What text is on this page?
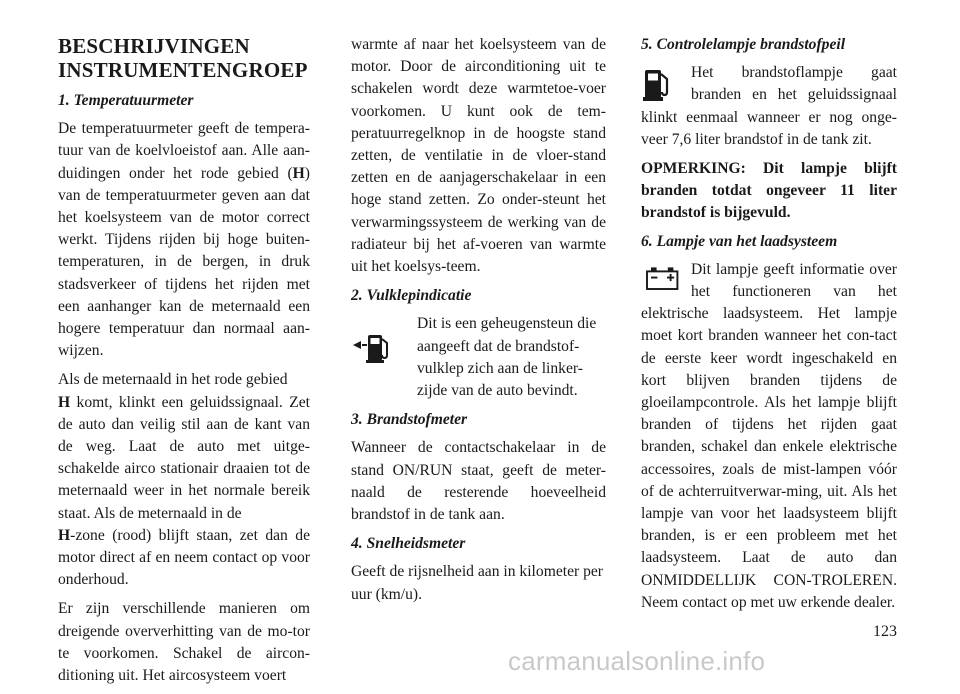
BESCHRIJVINGEN INSTRUMENTENGROEP
1. Temperatuurmeter

De temperatuurmeter geeft de tempera-tuur van de koelvloeistof aan. Alle aan-duidingen onder het rode gebied (H) van de temperatuurmeter geven aan dat het koelsysteem van de motor correct werkt. Tijdens rijden bij hoge buiten-temperaturen, in de bergen, in druk stadsverkeer of tijdens het rijden met een aanhanger kan de meternaald een hogere temperatuur dan normaal aan-wijzen.

Als de meternaald in het rode gebied
H komt, klinkt een geluidssignaal. Zet de auto dan veilig stil aan de kant van de weg. Laat de auto met uitge-schakelde airco stationair draaien tot de meternaald weer in het normale bereik staat. Als de meternaald in de
H-zone (rood) blijft staan, zet dan de motor direct af en neem contact op voor onderhoud.

Er zijn verschillende manieren om dreigende oververhitting van de mo-tor te voorkomen. Schakel de aircon-ditioning uit. Het aircosysteem voert

warmte af naar het koelsysteem van de motor. Door de airconditioning uit te schakelen wordt deze warmtetoe-voer voorkomen. U kunt ook de tem-peratuurregelknop in de hoogste stand zetten, de ventilatie in de vloer-stand zetten en de aanjagerschakelaar in een hoge stand zetten. Zo onder-steunt het verwarmingssysteem de werking van de radiateur bij het af-voeren van warmte uit het koelsys-teem.

2. Vulklepindicatie

Dit is een geheugensteun die aangeeft dat de brandstof-vulklep zich aan de linker-zijde van de auto bevindt.

3. Brandstofmeter

Wanneer de contactschakelaar in de stand ON/RUN staat, geeft de meter-naald de resterende hoeveelheid brandstof in de tank aan.

4. Snelheidsmeter

Geeft de rijsnelheid aan in kilometer per uur (km/u).

5. Controlelampje brandstofpeil

Het brandstoflampje gaat branden en het geluidssignaal klinkt eenmaal wanneer er nog onge-veer 7,6 liter brandstof in de tank zit.

OPMERKING: Dit lampje blijft branden totdat ongeveer 11 liter brandstof is bijgevuld.

6. Lampje van het laadsysteem

Dit lampje geeft informatie over het functioneren van het elektrische laadsysteem. Het lampje moet kort branden wanneer het con-tact de eerste keer wordt ingeschakeld en kort blijven branden tijdens de gloeilampcontrole. Als het lampje blijft branden of tijdens het rijden gaat branden, schakel dan enkele elektrische accessoires, zoals de mist-lampen vóór of de achterruitverwar-ming, uit. Als het lampje van voor het laadsysteem blijft branden, is er een probleem met het laadsysteem. Laat de auto dan ONMIDDELLIJK CON-TROLEREN. Neem contact op met uw erkende dealer.

123
carmanualsonline.info
